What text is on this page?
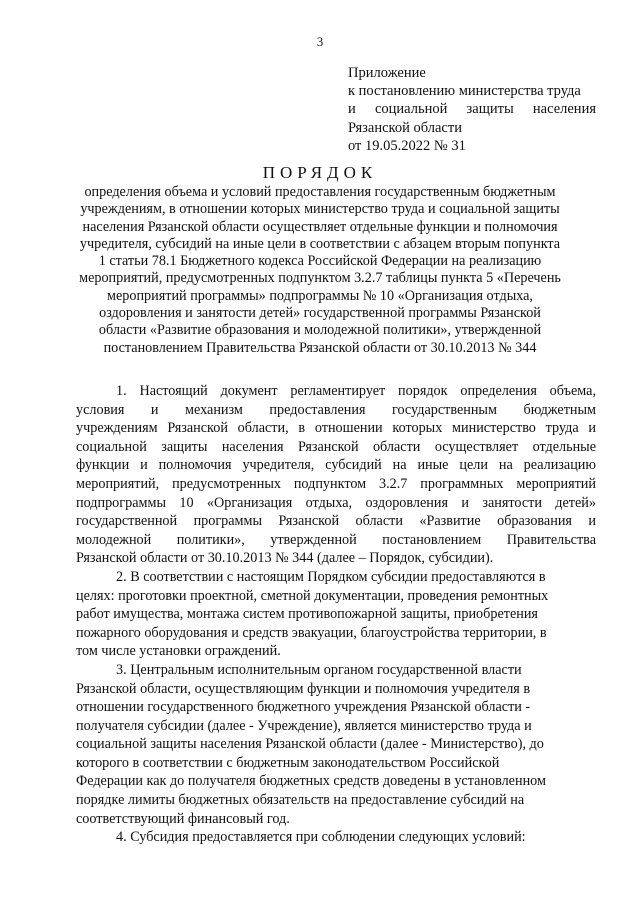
3
Приложение
к постановлению министерства труда
и социальной защиты населения
Рязанской области
от 19.05.2022 № 31
ПОРЯДОК
определения объема и условий предоставления государственным бюджетным
учреждениям, в отношении которых министерство труда и социальной защиты
населения Рязанской области осуществляет отдельные функции и полномочия
учредителя, субсидий на иные цели в соответствии с абзацем вторым попункта
1 статьи 78.1 Бюджетного кодекса Российской Федерации на реализацию
мероприятий, предусмотренных подпунктом 3.2.7 таблицы пункта 5 «Перечень
мероприятий программы» подпрограммы № 10 «Организация отдыха,
оздоровления и занятости детей» государственной программы Рязанской
области «Развитие образования и молодежной политики», утвержденной
постановлением Правительства Рязанской области от 30.10.2013 № 344
1. Настоящий документ регламентирует порядок определения объема,
условия и механизм предоставления государственным бюджетным
учреждениям Рязанской области, в отношении которых министерство труда и
социальной защиты населения Рязанской области осуществляет отдельные
функции и полномочия учредителя, субсидий на иные цели на реализацию
мероприятий, предусмотренных подпунктом 3.2.7 программных мероприятий
подпрограммы 10 «Организация отдыха, оздоровления и занятости детей»
государственной программы Рязанской области «Развитие образования и
молодежной политики», утвержденной постановлением Правительства
Рязанской области от 30.10.2013 № 344 (далее – Порядок, субсидии).
2. В соответствии с настоящим Порядком субсидии предоставляются в
целях: проготовки проектной, сметной документации, проведения ремонтных
работ имущества, монтажа систем противопожарной защиты, приобретения
пожарного оборудования и средств эвакуации, благоустройства территории, в
том числе установки ограждений.
3. Центральным исполнительным органом государственной власти
Рязанской области, осуществляющим функции и полномочия учредителя в
отношении государственного бюджетного учреждения Рязанской области -
получателя субсидии (далее - Учреждение), является министерство труда и
социальной защиты населения Рязанской области (далее - Министерство), до
которого в соответствии с бюджетным законодательством Российской
Федерации как до получателя бюджетных средств доведены в установленном
порядке лимиты бюджетных обязательств на предоставление субсидий на
соответствующий финансовый год.
4. Субсидия предоставляется при соблюдении следующих условий:
